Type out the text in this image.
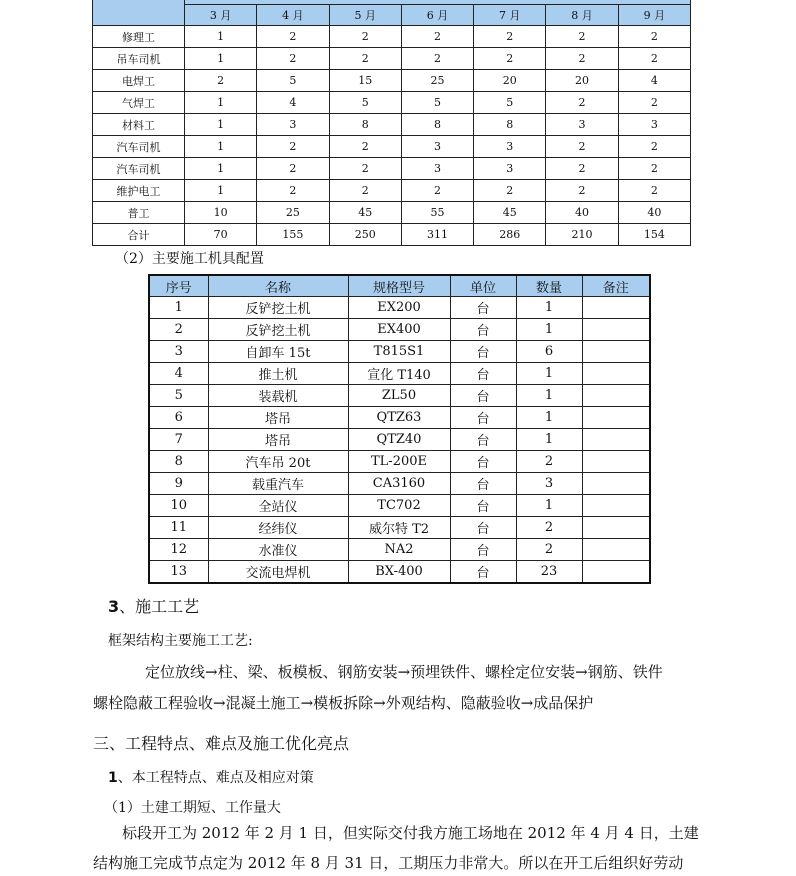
	3 月	4 月	5 月	6 月	7 月	8 月	9 月
修理工	1	2	2	2	2	2	2
吊车司机	1	2	2	2	2	2	2
电焊工	2	5	15	25	20	20	4
气焊工	1	4	5	5	5	2	2
材料工	1	3	8	8	8	3	3
汽车司机	1	2	2	3	3	2	2
汽车司机	1	2	2	3	3	2	2
维护电工	1	2	2	2	2	2	2
普工	10	25	45	55	45	40	40
合计	70	155	250	311	286	210	154
（2）主要施工机具配置
序号	名称	规格型号	单位	数量	备注
1	反铲挖土机	EX200	台	1	
2	反铲挖土机	EX400	台	1	
3	自卸车 15t	T815S1	台	6	
4	推土机	宣化 T140	台	1	
5	装载机	ZL50	台	1	
6	塔吊	QTZ63	台	1	
7	塔吊	QTZ40	台	1	
8	汽车吊 20t	TL-200E	台	2	
9	载重汽车	CA3160	台	3	
10	全站仪	TC702	台	1	
11	经纬仪	威尔特 T2	台	2	
12	水准仪	NA2	台	2	
13	交流电焊机	BX-400	台	23	
3、施工工艺
框架结构主要施工工艺:
定位放线→柱、梁、板模板、钢筋安装→预埋铁件、螺栓定位安装→钢筋、铁件
螺栓隐蔽工程验收→混凝土施工→模板拆除→外观结构、隐蔽验收→成品保护
三、工程特点、难点及施工优化亮点
1、本工程特点、难点及相应对策
（1）土建工期短、工作量大
标段开工为 2012 年 2 月 1 日，但实际交付我方施工场地在 2012 年 4 月 4 日，土建
结构施工完成节点定为 2012 年 8 月 31 日，工期压力非常大。所以在开工后组织好劳动
